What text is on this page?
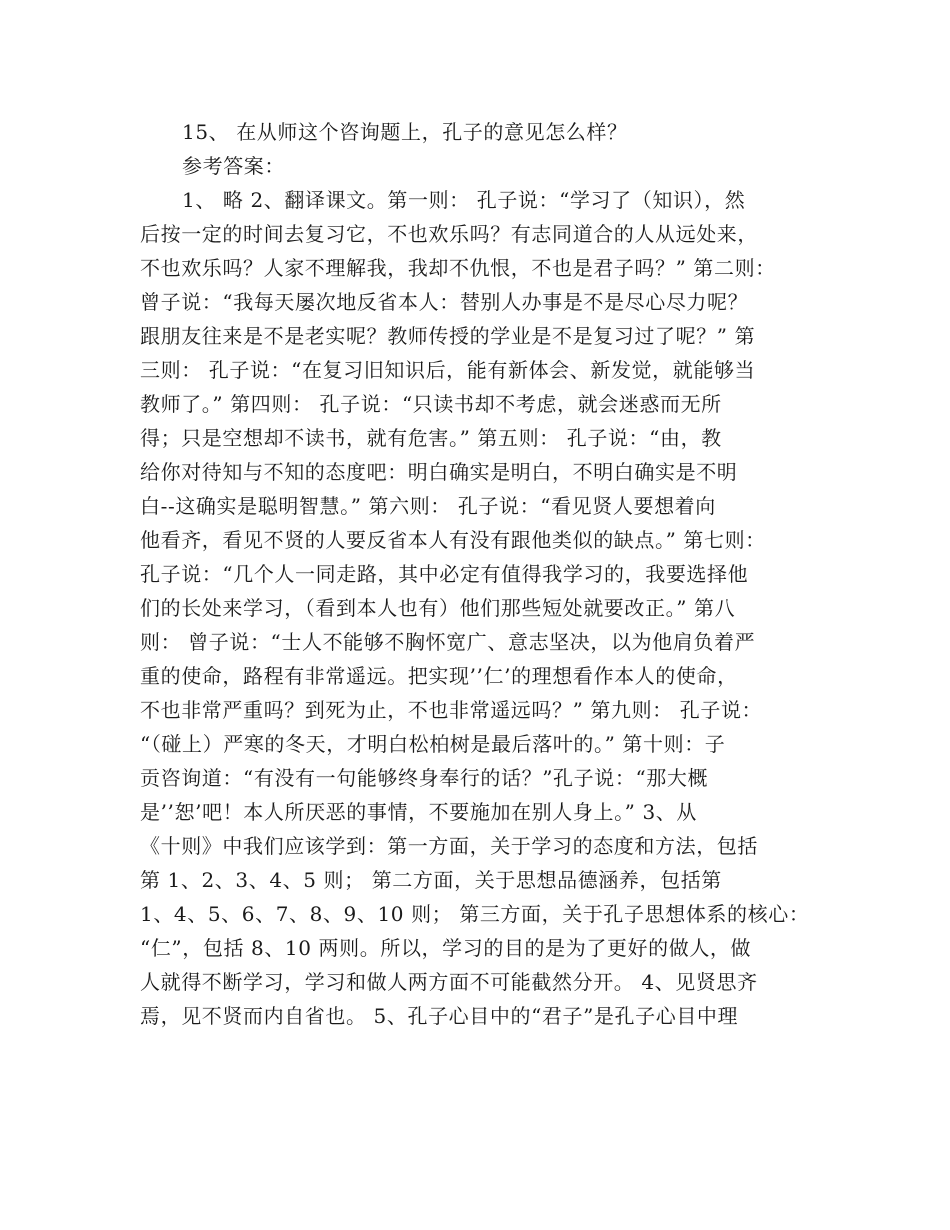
15、 在从师这个咨询题上，孔子的意见怎么样？
参考答案：
1、 略 2、翻译课文。第一则： 孔子说：“学习了（知识），然
后按一定的时间去复习它，不也欢乐吗？有志同道合的人从远处来，
不也欢乐吗？人家不理解我，我却不仇恨，不也是君子吗？” 第二则：
曾子说：“我每天屡次地反省本人：替别人办事是不是尽心尽力呢？
跟朋友往来是不是老实呢？教师传授的学业是不是复习过了呢？” 第
三则： 孔子说：“在复习旧知识后，能有新体会、新发觉，就能够当
教师了。” 第四则： 孔子说：“只读书却不考虑，就会迷惑而无所
得；只是空想却不读书，就有危害。” 第五则： 孔子说：“由，教
给你对待知与不知的态度吧：明白确实是明白，不明白确实是不明
白--这确实是聪明智慧。” 第六则： 孔子说：“看见贤人要想着向
他看齐，看见不贤的人要反省本人有没有跟他类似的缺点。” 第七则：
孔子说：“几个人一同走路，其中必定有值得我学习的，我要选择他
们的长处来学习，（看到本人也有）他们那些短处就要改正。” 第八
则： 曾子说：“士人不能够不胸怀宽广、意志坚决，以为他肩负着严
重的使命，路程有非常遥远。把实现’’仁’的理想看作本人的使命，
不也非常严重吗？到死为止，不也非常遥远吗？” 第九则： 孔子说：
“（碰上）严寒的冬天，才明白松柏树是最后落叶的。” 第十则：子
贡咨询道：“有没有一句能够终身奉行的话？”孔子说：“那大概
是’’恕’吧！本人所厌恶的事情，不要施加在别人身上。” 3、从
《十则》中我们应该学到：第一方面，关于学习的态度和方法，包括
第 1、2、3、4、5 则； 第二方面，关于思想品德涵养，包括第
1、4、5、6、7、8、9、10 则； 第三方面，关于孔子思想体系的核心：
“仁”，包括 8、10 两则。所以，学习的目的是为了更好的做人，做
人就得不断学习，学习和做人两方面不可能截然分开。 4、见贤思齐
焉，见不贤而内自省也。 5、孔子心目中的“君子”是孔子心目中理
